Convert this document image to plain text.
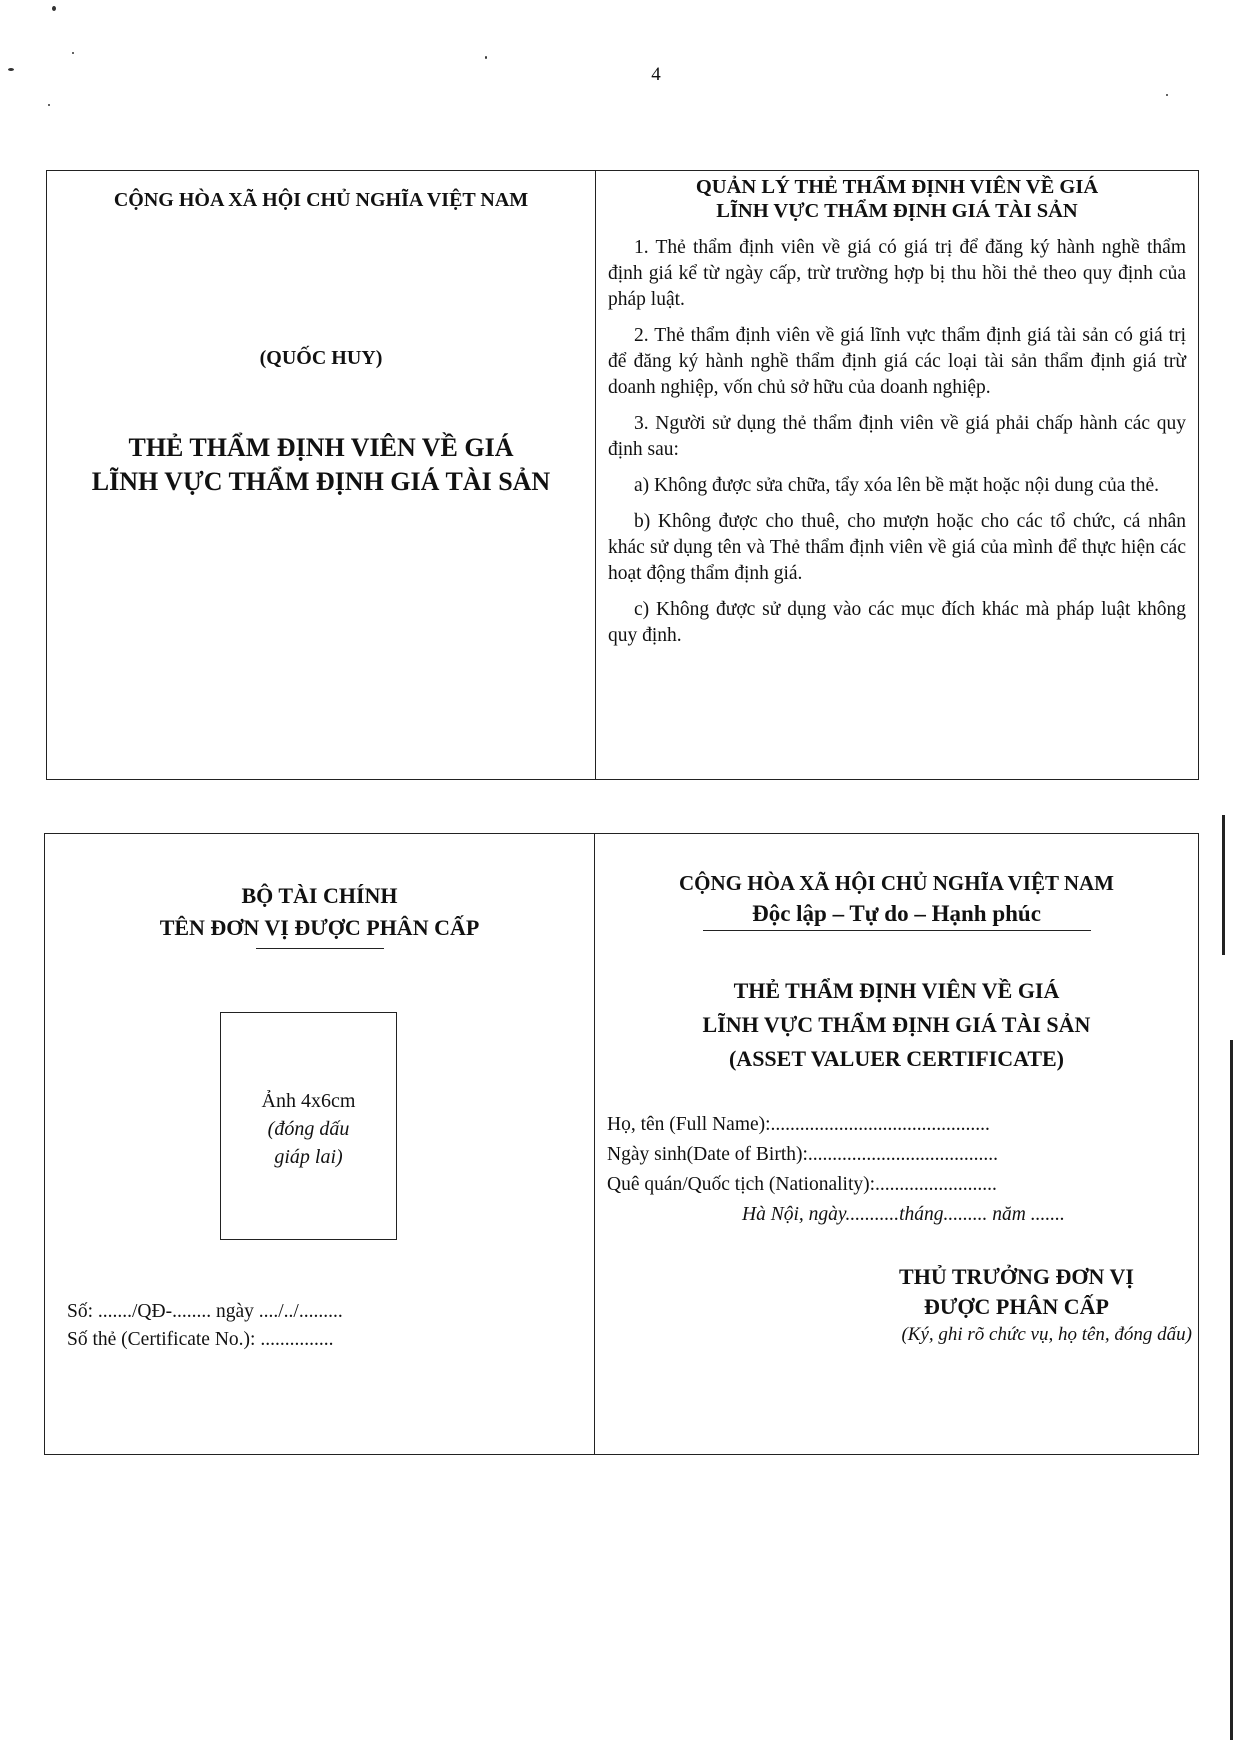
4
CỘNG HÒA XÃ HỘI CHỦ NGHĨA VIỆT NAM
(QUỐC HUY)
THẺ THẨM ĐỊNH VIÊN VỀ GIÁ
LĨNH VỰC THẨM ĐỊNH GIÁ TÀI SẢN
QUẢN LÝ THẺ THẨM ĐỊNH VIÊN VỀ GIÁ
LĨNH VỰC THẨM ĐỊNH GIÁ TÀI SẢN

1. Thẻ thẩm định viên về giá có giá trị để đăng ký hành nghề thẩm định giá kể từ ngày cấp, trừ trường hợp bị thu hồi thẻ theo quy định của pháp luật.

2. Thẻ thẩm định viên về giá lĩnh vực thẩm định giá tài sản có giá trị để đăng ký hành nghề thẩm định giá các loại tài sản thẩm định giá trừ doanh nghiệp, vốn chủ sở hữu của doanh nghiệp.

3. Người sử dụng thẻ thẩm định viên về giá phải chấp hành các quy định sau:

a) Không được sửa chữa, tẩy xóa lên bề mặt hoặc nội dung của thẻ.

b) Không được cho thuê, cho mượn hoặc cho các tổ chức, cá nhân khác sử dụng tên và Thẻ thẩm định viên về giá của mình để thực hiện các hoạt động thẩm định giá.

c) Không được sử dụng vào các mục đích khác mà pháp luật không quy định.

BỘ TÀI CHÍNH
TÊN ĐƠN VỊ ĐƯỢC PHÂN CẤP
Ảnh 4x6cm
(đóng dấu
giáp lai)
Số: ......./QĐ-........ ngày ..../../.........
Số thẻ (Certificate No.): ...............
CỘNG HÒA XÃ HỘI CHỦ NGHĨA VIỆT NAM
Độc lập – Tự do – Hạnh phúc
THẺ THẨM ĐỊNH VIÊN VỀ GIÁ
LĨNH VỰC THẨM ĐỊNH GIÁ TÀI SẢN
(ASSET VALUER CERTIFICATE)
Họ, tên (Full Name):.............................................
Ngày sinh(Date of Birth):.......................................
Quê quán/Quốc tịch (Nationality):.........................
Hà Nội, ngày...........tháng......... năm .......
THỦ TRƯỞNG ĐƠN VỊ
ĐƯỢC PHÂN CẤP
(Ký, ghi rõ chức vụ, họ tên, đóng dấu)
